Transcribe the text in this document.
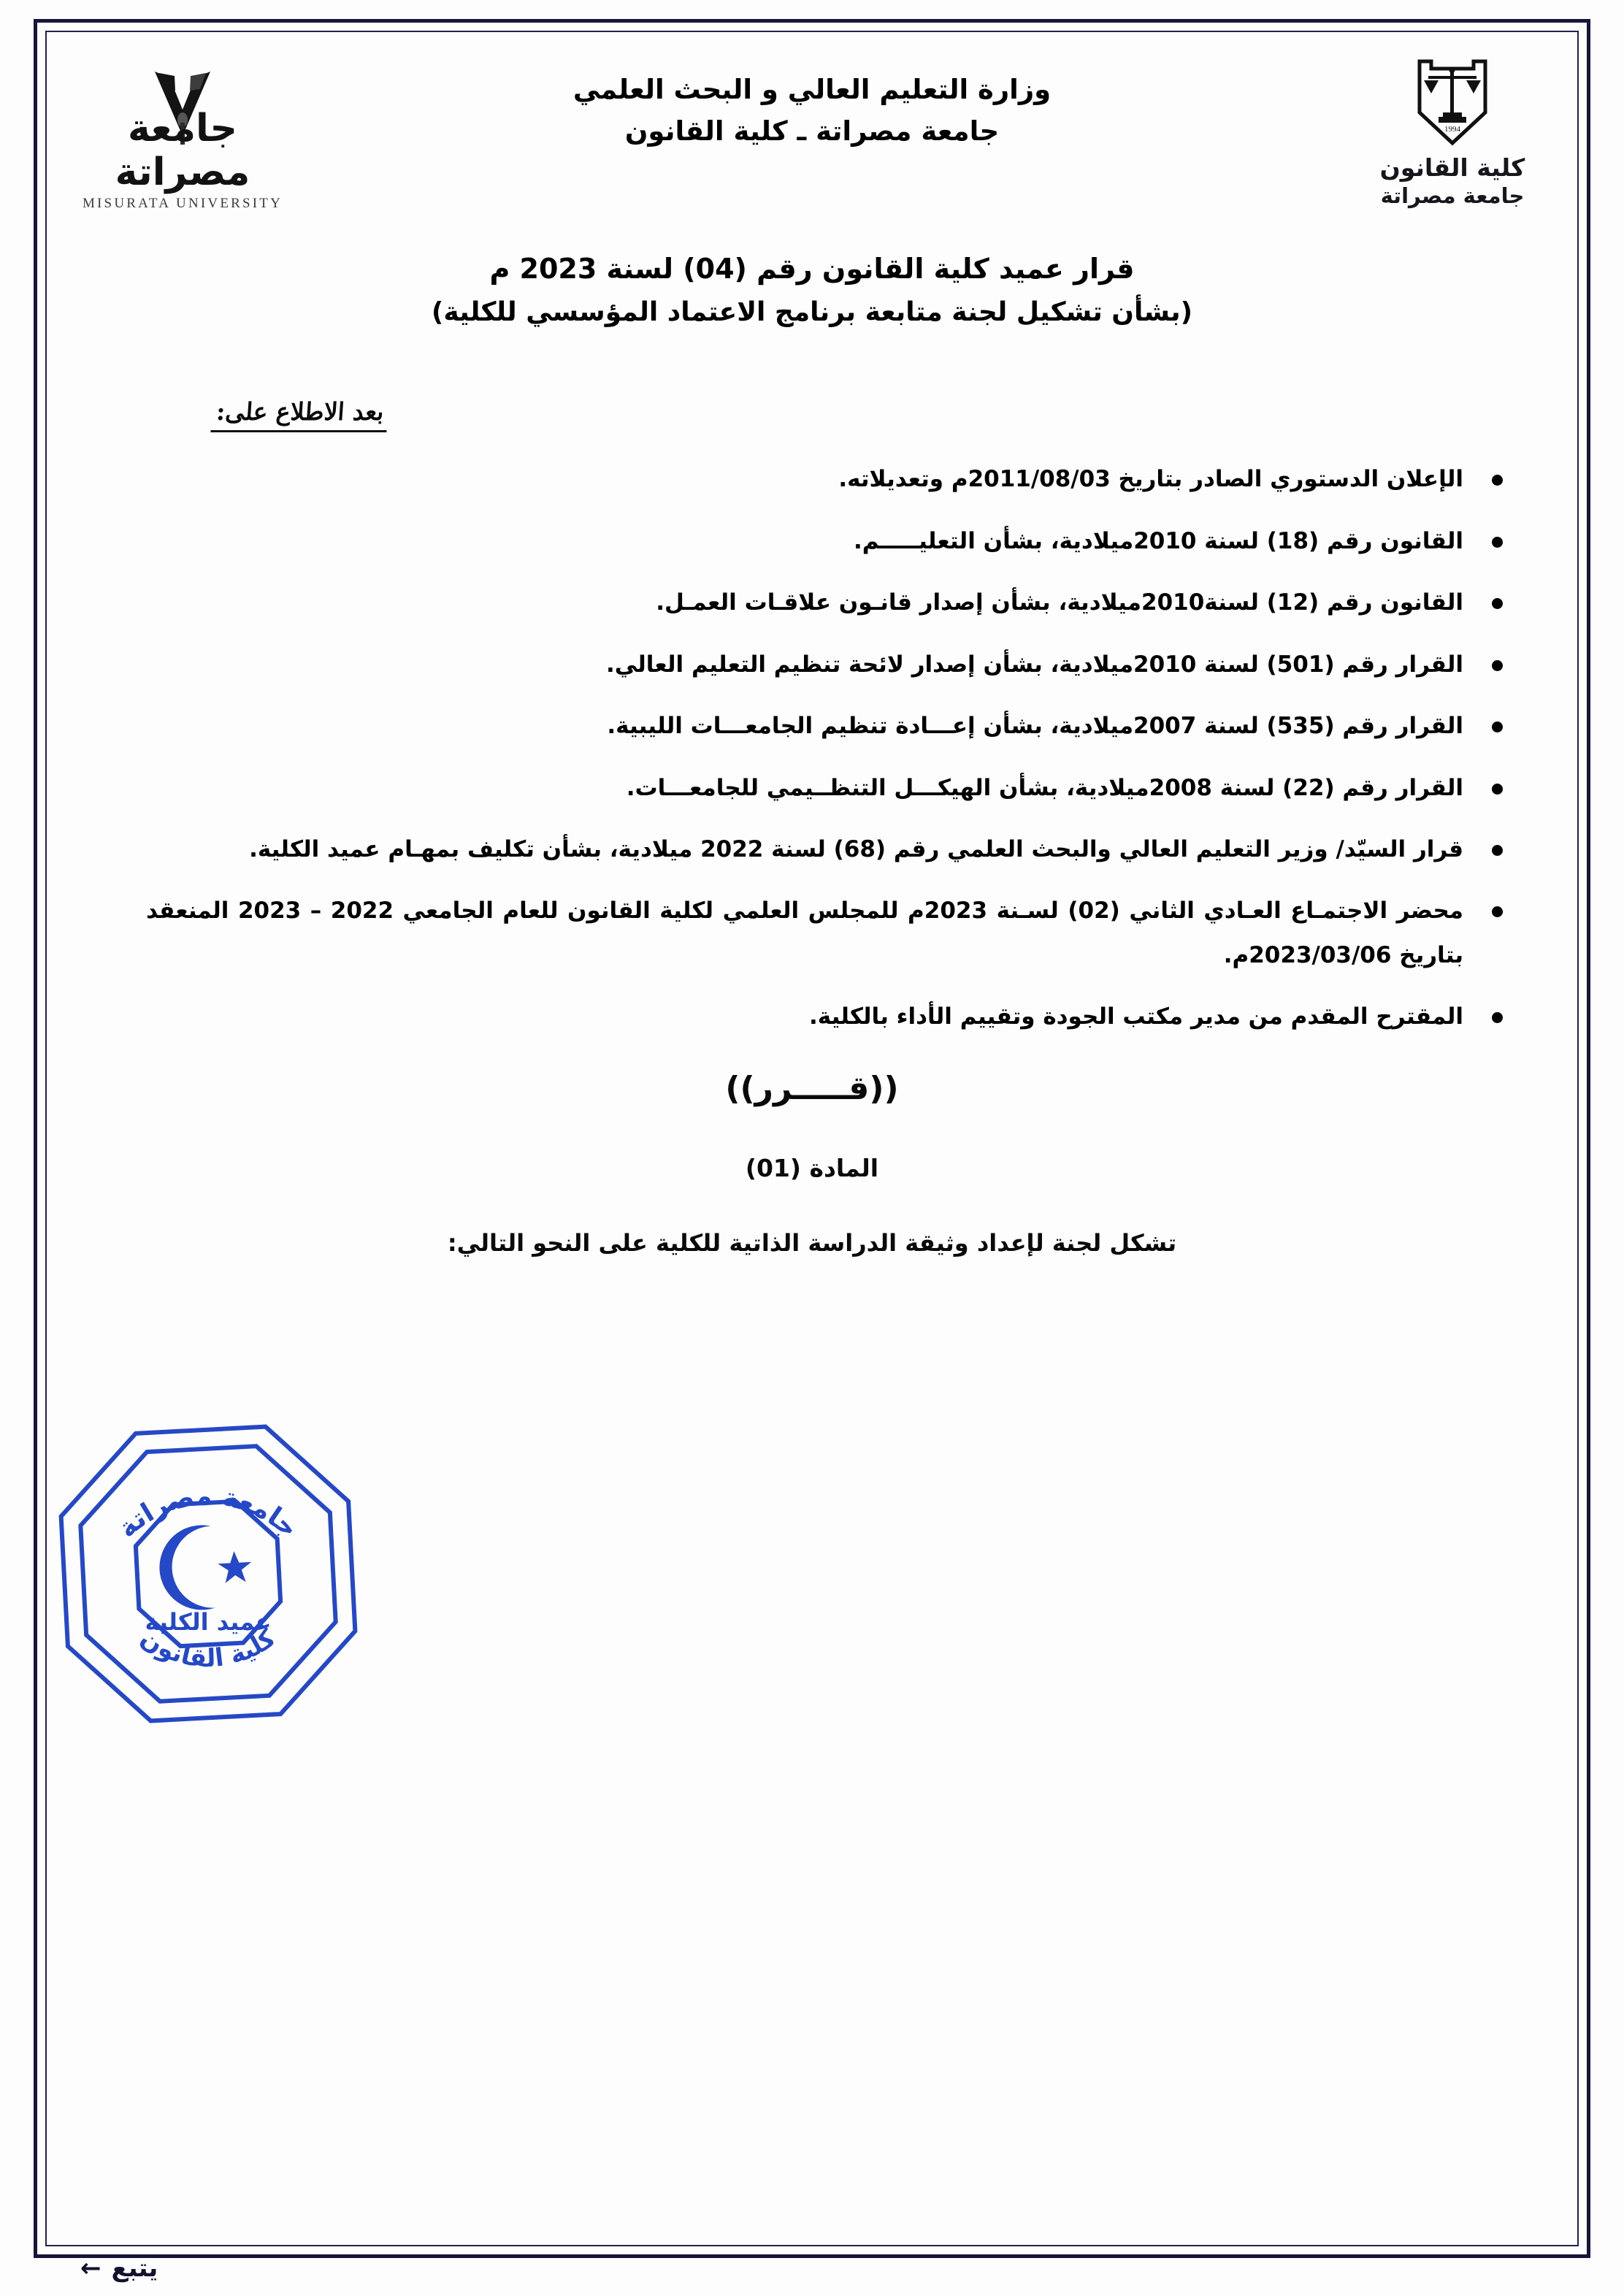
جامعة مصراتة
MISURATA UNIVERSITY
وزارة التعليم العالي و البحث العلمي
جامعة مصراتة ـ كلية القانون	1994
كلية القانون
جامعة مصراتة
قرار عميد كلية القانون رقم (04) لسنة 2023 م
(بشأن تشكيل لجنة متابعة برنامج الاعتماد المؤسسي للكلية)
بعد الاطلاع على:
الإعلان الدستوري الصادر بتاريخ 2011/08/03م وتعديلاته.
القانون رقم (18) لسنة 2010ميلادية، بشأن التعليـــــم.
القانون رقم (12) لسنة2010ميلادية، بشأن إصدار قانـون علاقـات العمـل.
القرار رقم (501) لسنة 2010ميلادية، بشأن إصدار لائحة تنظيم التعليم العالي.
القرار رقم (535) لسنة 2007ميلادية، بشأن إعـــادة تنظيم الجامعـــات الليبية.
القرار رقم (22) لسنة 2008ميلادية، بشأن الهيكـــل التنظــيمي للجامعـــات.
قرار السيّد/ وزير التعليم العالي والبحث العلمي رقم (68) لسنة 2022 ميلادية، بشأن تكليف بمهـام عميد الكلية.
محضر الاجتمـاع العـادي الثاني (02) لسـنة 2023م للمجلس العلمي لكلية القانون للعام الجامعي 2022 – 2023 المنعقد بتاريخ 2023/03/06م.
المقترح المقدم من مدير مكتب الجودة وتقييم الأداء بالكلية.
((قـــــرر))
المادة (01)
تشكل لجنة لإعداد وثيقة الدراسة الذاتية للكلية على النحو التالي:
جامعة مصراتة
كلية القانون
عميد الكلية
يتبع
←
